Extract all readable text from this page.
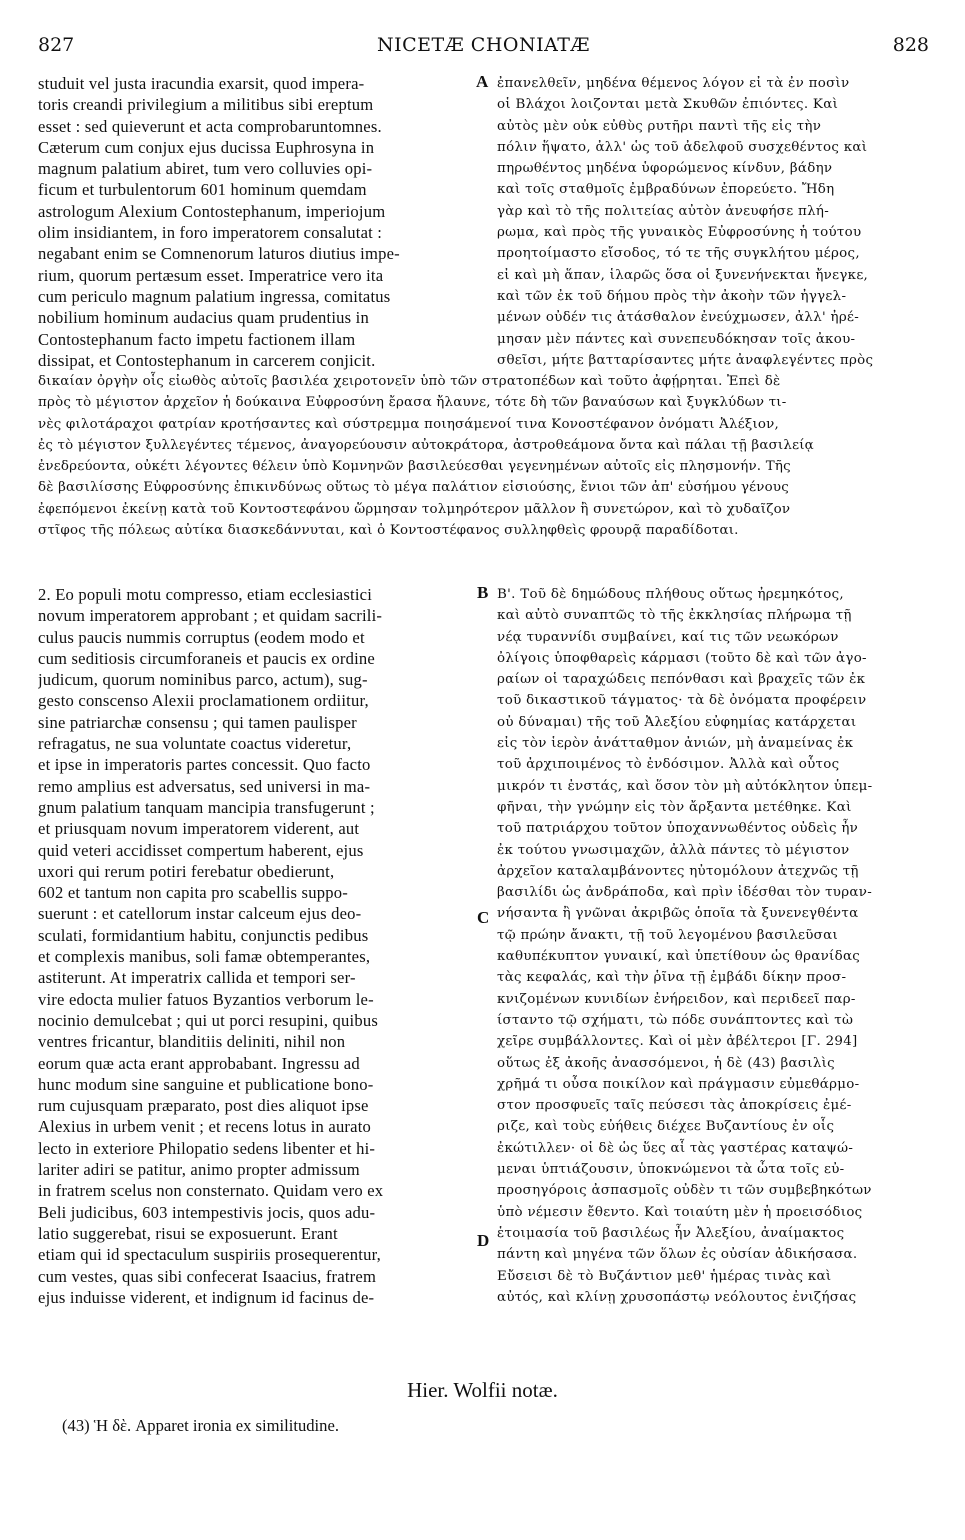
827	NICETÆ CHONIATÆ	828
studuit vel justa iracundia exarsit, quod impera-
toris creandi privilegium a militibus sibi ereptum
esset : sed quieverunt et acta comprobaruntomnes.
Cæterum cum conjux ejus ducissa Euphrosyna in
magnum palatium abiret, tum vero colluvies opi-
ficum et turbulentorum 601 hominum quemdam
astrologum Alexium Contostephanum, imperiojum
olim insidiantem, in foro imperatorem consalutat :
negabant enim se Comnenorum laturos diutius impe-
rium, quorum pertæsum esset. Imperatrice vero ita
cum periculo magnum palatium ingressa, comitatus
nobilium hominum audacius quam prudentius in
Contostephanum facto impetu factionem illam
dissipat, et Contostephanum in carcerem conjicit.
ἐπανελθεῖν, μηδένα θέμενος λόγον εἰ τὰ ἐν ποσὶν
οἱ Βλάχοι λοιζονται μετὰ Σκυθῶν ἐπιόντες. Καὶ
αὐτὸς μὲν οὐκ εὐθὺς ρυτῆρι παντὶ τῆς εἰς τὴν
πόλιν ἥψατο, ἀλλ' ὡς τοῦ ἀδελφοῦ συσχεθέντος καὶ
πηρωθέντος μηδένα ὑφορώμενος κίνδυν, βάδην
καὶ τοῖς σταθμοῖς ἐμβραδύνων ἐπορεύετο. Ἤδη
γὰρ καὶ τὸ τῆς πολιτείας αὐτὸν ἀνευφήσε πλή-
ρωμα, καὶ πρὸς τῆς γυναικὸς Εὐφροσύνης ἡ τούτου
προητοίμαστο εἴσοδος, τό τε τῆς συγκλήτου μέρος,
εἰ καὶ μὴ ἅπαν, ἱλαρῶς ὅσα οἱ ξυνενήνεκται ἤνεγκε,
καὶ τῶν ἐκ τοῦ δήμου πρὸς τὴν ἀκοὴν τῶν ἠγγελ-
μένων οὐδέν τις ἀτάσθαλον ἐνεύχμωσεν, ἀλλ' ἠρέ-
μησαν μὲν πάντες καὶ συνεπευδόκησαν τοῖς ἀκου-
σθεῖσι, μήτε βατταρίσαντες μήτε ἀναφλεγέντες πρὸς
δικαίαν ὀργὴν οἷς εἰωθὸς αὐτοῖς βασιλέα χειροτονεῖν ὑπὸ τῶν στρατοπέδων καὶ τοῦτο ἀφῄρηται. Ἐπεὶ δὲ
πρὸς τὸ μέγιστον ἀρχεῖον ἡ δούκαινα Εὐφροσύνη ἔρασα ἤλαυνε, τότε δὴ τῶν βαναύσων καὶ ξυγκλύδων τι-
νὲς φιλοτάραχοι φατρίαν κροτήσαντες καὶ σύστρεμμα ποιησάμενοί τινα Κονοστέφανον ὀνόματι Ἀλέξιον,
ἐς τὸ μέγιστον ξυλλεγέντες τέμενος, ἀναγορεύουσιν αὐτοκράτορα, ἀστροθεάμονα ὄντα καὶ πάλαι τῇ βασιλείᾳ
ἐνεδρεύοντα, οὐκέτι λέγοντες θέλειν ὑπὸ Κομνηνῶν βασιλεύεσθαι γεγενημένων αὐτοῖς εἰς πλησμονήν. Τῆς
δὲ βασιλίσσης Εὐφροσύνης ἐπικινδύνως οὕτως τὸ μέγα παλάτιον εἰσιούσης, ἔνιοι τῶν ἀπ' εὐσήμου γένους
ἐφεπόμενοι ἐκείνῃ κατὰ τοῦ Κοντοστεφάνου ὥρμησαν τολμηρότερον μᾶλλον ἢ συνετώρον, καὶ τὸ χυδαῖζον
στῖφος τῆς πόλεως αὐτίκα διασκεδάννυται, καὶ ὁ Κοντοστέφανος συλληφθεὶς φρουρᾷ παραδίδοται.
2. Eo populi motu compresso, etiam ecclesiastici
novum imperatorem approbant ; et quidam sacrili-
culus paucis nummis corruptus (eodem modo et
cum seditiosis circumforaneis et paucis ex ordine
judicum, quorum nominibus parco, actum), sug-
gesto conscenso Alexii proclamationem ordiitur,
sine patriarchæ consensu ; qui tamen paulisper
refragatus, ne sua voluntate coactus videretur,
et ipse in imperatoris partes concessit. Quo facto
remo amplius est adversatus, sed universi in ma-
gnum palatium tanquam mancipia transfugerunt ;
et priusquam novum imperatorem viderent, aut
quid veteri accidisset compertum haberent, ejus
uxori qui rerum potiri ferebatur obedierunt,
602 et tantum non capita pro scabellis suppo-
suerunt : et catellorum instar calceum ejus deo-
sculati, formidantium habitu, conjunctis pedibus
et complexis manibus, soli famæ obtemperantes,
astiterunt. At imperatrix callida et tempori ser-
vire edocta mulier fatuos Byzantios verborum le-
nocinio demulcebat ; qui ut porci resupini, quibus
ventres fricantur, blanditiis deliniti, nihil non
eorum quæ acta erant approbabant. Ingressu ad
hunc modum sine sanguine et publicatione bono-
rum cujusquam præparato, post dies aliquot ipse
Alexius in urbem venit ; et recens lotus in aurato
lecto in exteriore Philopatio sedens libenter et hi-
lariter adiri se patitur, animo propter admissum
in fratrem scelus non consternato. Quidam vero ex
Beli judicibus, 603 intempestivis jocis, quos adu-
latio suggerebat, risui se exposuerunt. Erant
etiam qui id spectaculum suspiriis prosequerentur,
cum vestes, quas sibi confecerat Isaacius, fratrem
ejus induisse viderent, et indignum id facinus de-
Β'. Τοῦ δὲ δημώδους πλήθους οὕτως ἠρεμηκότος,
καὶ αὐτὸ συναπτῶς τὸ τῆς ἐκκλησίας πλήρωμα τῇ
νέᾳ τυραννίδι συμβαίνει, καί τις τῶν νεωκόρων
ὀλίγοις ὑποφθαρεὶς κάρμασι (τοῦτο δὲ καὶ τῶν ἀγο-
ραίων οἱ ταραχώδεις πεπόνθασι καὶ βραχεῖς τῶν ἐκ
τοῦ δικαστικοῦ τάγματος· τὰ δὲ ὀνόματα προφέρειν
οὐ δύναμαι) τῆς τοῦ Ἀλεξίου εὐφημίας κατάρχεται
εἰς τὸν ἱερὸν ἀνάτταθμον ἀνιών, μὴ ἀναμείνας ἐκ
τοῦ ἀρχιποιμένος τὸ ἐνδόσιμον. Ἀλλὰ καὶ οὗτος
μικρόν τι ἐνστάς, καὶ ὅσον τὸν μὴ αὐτόκλητον ὑπεμ-
φῆναι, τὴν γνώμην εἰς τὸν ἄρξαντα μετέθηκε. Καὶ
τοῦ πατριάρχου τοῦτον ὑποχαννωθέντος οὐδεὶς ἦν
ἐκ τούτου γνωσιμαχῶν, ἀλλὰ πάντες τὸ μέγιστον
ἀρχεῖον καταλαμβάνοντες ηὐτομόλουν ἀτεχνῶς τῇ
βασιλίδι ὡς ἀνδράποδα, καὶ πρὶν ἰδέσθαι τὸν τυραν-
νήσαντα ἢ γνῶναι ἀκριβῶς ὁποῖα τὰ ξυνενεγθέντα
τῷ πρώην ἄνακτι, τῇ τοῦ λεγομένου βασιλεῦσαι
καθυπέκυπτον γυναικί, καὶ ὑπετίθουν ὡς θρανίδας
τὰς κεφαλάς, καὶ τὴν ῥῖνα τῇ ἐμβάδι δίκην προσ-
κνιζομένων κυνιδίων ἐνήρειδον, καὶ περιδεεῖ παρ-
ίσταντο τῷ σχήματι, τὼ πόδε συνάπτοντες καὶ τὼ
χεῖρε συμβάλλοντες. Καὶ οἱ μὲν ἀβέλτεροι [Γ. 294]
οὕτως ἐξ ἀκοῆς ἀνασσόμενοι, ἡ δὲ (43) βασιλὶς
χρῆμά τι οὖσα ποικίλον καὶ πράγμασιν εὐμεθάρμο-
στον προσφυεῖς ταῖς πεύσεσι τὰς ἀποκρίσεις ἐμέ-
ριζε, καὶ τοὺς εὐήθεις διέχεε Βυζαντίους ἐν οἷς
ἐκώτιλλεν· οἱ δὲ ὡς ὕες αἷ τὰς γαστέρας καταψώ-
μεναι ὑπτιάζουσιν, ὑποκνώμενοι τὰ ὦτα τοῖς εὐ-
προσηγόροις ἀσπασμοῖς οὐδὲν τι τῶν συμβεβηκότων
ὑπὸ νέμεσιν ἔθεντο. Καὶ τοιαύτη μὲν ἡ προεισόδιος
ἑτοιμασία τοῦ βασιλέως ἦν Ἀλεξίου, ἀναίμακτος
πάντη καὶ μηγένα τῶν ὅλων ἐς οὐσίαν ἀδικήσασα.
Εὔσεισι δὲ τὸ Βυζάντιον μεθ' ἡμέρας τινὰς καὶ
αὐτός, καὶ κλίνῃ χρυσοπάστῳ νεόλουτος ἐνιζήσας
A
B
C
D
Hier. Wolfii notæ.
(43) Ἡ δὲ. Apparet ironia ex similitudine.
